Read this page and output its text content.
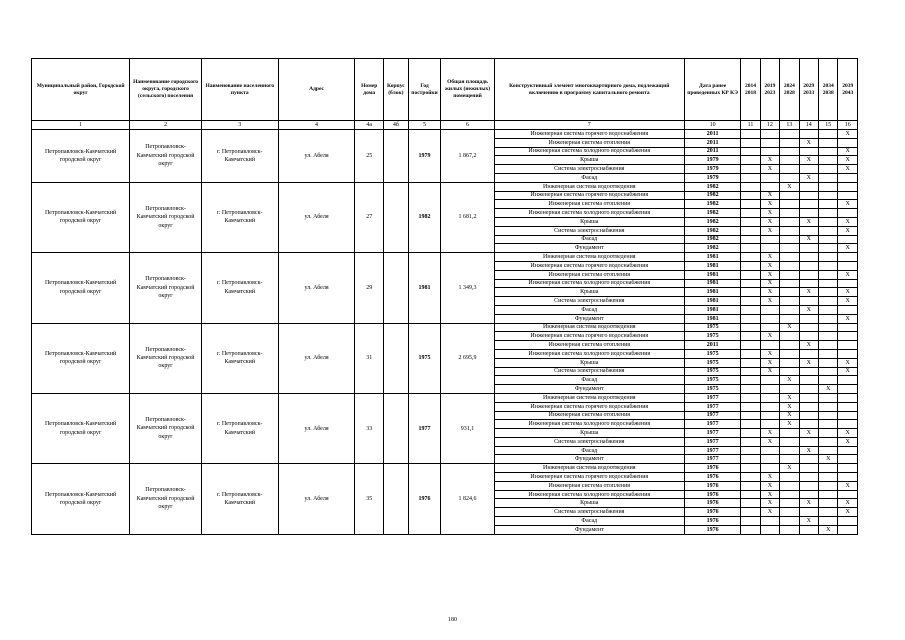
Муниципальный район, Городской округ	Наименование городского округа, городского (сельского) поселения	Наименование населенного пункта	Адрес	Номер дома	Корпус (блок)	Год постройки	Общая площадь жилых (нежилых) помещений	Конструктивный элемент многоквартирного дома, подлежащий включению в программу капитального ремонта	Дата ранее проведенных КР КЭ	2014 2018	2019 2023	2024 2028	2029 2033	2034 2038	2039 2043
1	2	3	4	4а	4б	5	6	7	10	11	12	13	14	15	16
Петропавловск-Камчатский городской округ	Петропавловск-Камчатский городской округ	г. Петропавловск-Камчатский	ул. Абеля	25		1979	1 867,2	Инженерная система горячего водоснабжения	2011						X
								Инженерная система отопления	2011				X		
								Инженерная система холодного водоснабжения	2011						X
								Крыша	1979		X		X		X
								Система электроснабжения	1979		X				X
								Фасад	1979				X		
Петропавловск-Камчатский городской округ	Петропавловск-Камчатский городской округ	г. Петропавловск-Камчатский	ул. Абеля	27		1982	1 681,2	Инженерная система водоотведения	1982			X			
								Инженерная система горячего водоснабжения	1982		X				
								Инженерная система отопления	1982		X				X
								Инженерная система холодного водоснабжения	1982		X				
								Крыша	1982		X		X		X
								Система электроснабжения	1982		X				X
								Фасад	1982				X		
								Фундамент	1982						X
Петропавловск-Камчатский городской округ	Петропавловск-Камчатский городской округ	г. Петропавловск-Камчатский	ул. Абеля	29		1981	1 349,3	Инженерная система водоотведения	1981		X				
								Инженерная система горячего водоснабжения	1981		X				
								Инженерная система отопления	1981		X				X
								Инженерная система холодного водоснабжения	1981		X				
								Крыша	1981		X		X		X
								Система электроснабжения	1981		X				X
								Фасад	1981				X		
								Фундамент	1981						X
Петропавловск-Камчатский городской округ	Петропавловск-Камчатский городской округ	г. Петропавловск-Камчатский	ул. Абеля	31		1975	2 695,9	Инженерная система водоотведения	1975			X			
								Инженерная система горячего водоснабжения	1975		X				
								Инженерная система отопления	2011				X		
								Инженерная система холодного водоснабжения	1975		X				
								Крыша	1975		X		X		X
								Система электроснабжения	1975		X				X
								Фасад	1975			X			
								Фундамент	1975					X	
Петропавловск-Камчатский городской округ	Петропавловск-Камчатский городской округ	г. Петропавловск-Камчатский	ул. Абеля	33		1977	931,1	Инженерная система водоотведения	1977			X			
								Инженерная система горячего водоснабжения	1977			X			
								Инженерная система отопления	1977			X			
								Инженерная система холодного водоснабжения	1977			X			
								Крыша	1977		X		X		X
								Система электроснабжения	1977		X				X
								Фасад	1977				X		
								Фундамент	1977					X	
Петропавловск-Камчатский городской округ	Петропавловск-Камчатский городской округ	г. Петропавловск-Камчатский	ул. Абеля	35		1976	1 824,6	Инженерная система водоотведения	1976			X			
								Инженерная система горячего водоснабжения	1976		X				
								Инженерная система отопления	1976		X				X
								Инженерная система холодного водоснабжения	1976		X				
								Крыша	1976		X		X		X
								Система электроснабжения	1976		X				X
								Фасад	1976				X		
								Фундамент	1976					X	
180
